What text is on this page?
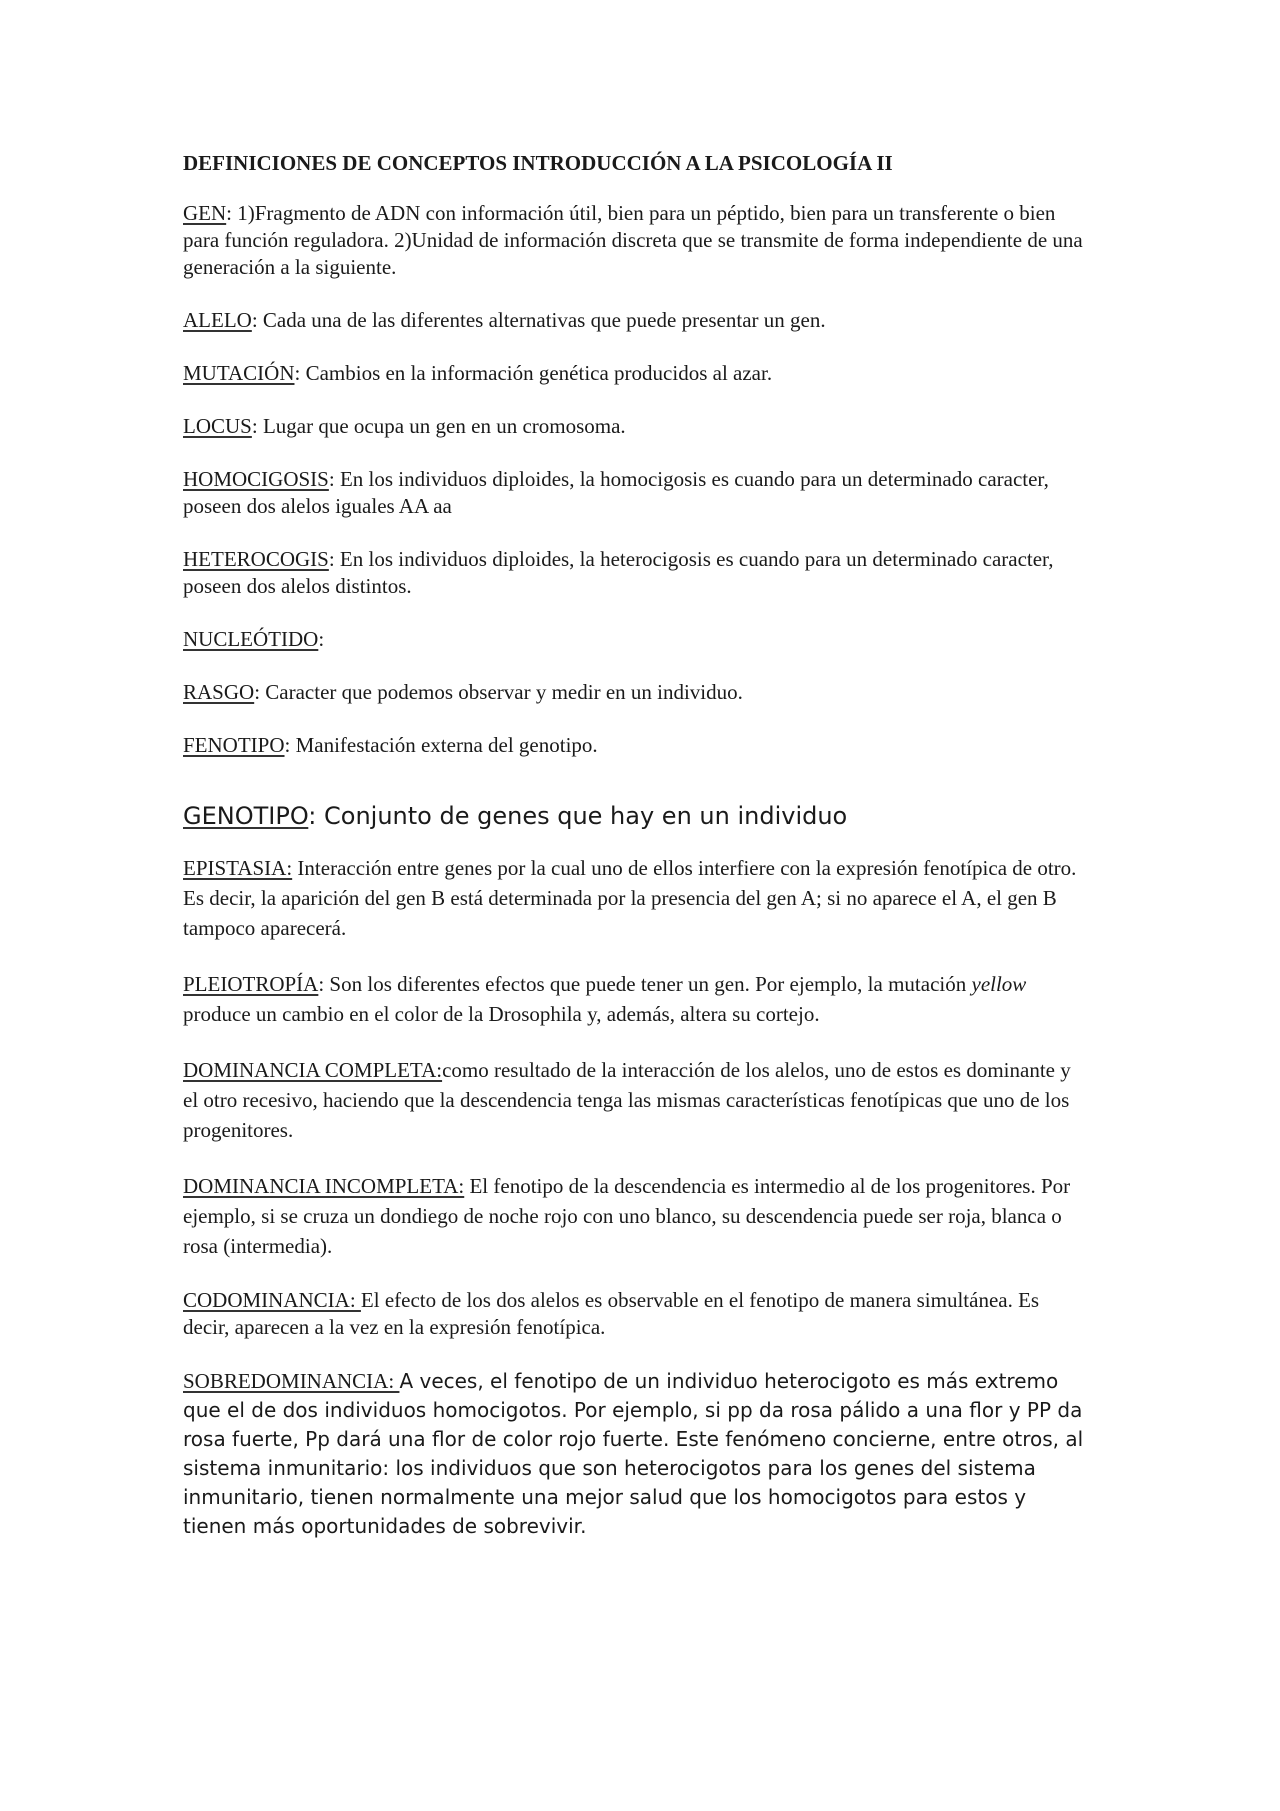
DEFINICIONES DE CONCEPTOS INTRODUCCIÓN A LA PSICOLOGÍA II
GEN: 1)Fragmento de ADN con información útil, bien para un péptido, bien para un transferente o bien para función reguladora. 2)Unidad de información discreta que se transmite de forma independiente de una generación a la siguiente.
ALELO: Cada una de las diferentes alternativas que puede presentar un gen.
MUTACIÓN: Cambios en la información genética producidos al azar.
LOCUS: Lugar que ocupa un gen en un cromosoma.
HOMOCIGOSIS: En los individuos diploides, la homocigosis es cuando para un determinado caracter, poseen dos alelos iguales AA aa
HETEROCOGIS: En los individuos diploides, la heterocigosis es cuando para un determinado caracter, poseen dos alelos distintos.
NUCLEÓTIDO:
RASGO: Caracter que podemos observar y medir en un individuo.
FENOTIPO: Manifestación externa del genotipo.
GENOTIPO: Conjunto de genes que hay en un individuo
EPISTASIA: Interacción entre genes por la cual uno de ellos interfiere con la expresión fenotípica de otro. Es decir, la aparición del gen B está determinada por la presencia del gen A; si no aparece el A, el gen B tampoco aparecerá.
PLEIOTROPÍA: Son los diferentes efectos que puede tener un gen. Por ejemplo, la mutación yellow produce un cambio en el color de la Drosophila y, además, altera su cortejo.
DOMINANCIA COMPLETA:como resultado de la interacción de los alelos, uno de estos es dominante y el otro recesivo, haciendo que la descendencia tenga las mismas características fenotípicas que uno de los progenitores.
DOMINANCIA INCOMPLETA: El fenotipo de la descendencia es intermedio al de los progenitores. Por ejemplo, si se cruza un dondiego de noche rojo con uno blanco, su descendencia puede ser roja, blanca o rosa (intermedia).
CODOMINANCIA: El efecto de los dos alelos es observable en el fenotipo de manera simultánea. Es decir, aparecen a la vez en la expresión fenotípica.
SOBREDOMINANCIA: A veces, el fenotipo de un individuo heterocigoto es más extremo que el de dos individuos homocigotos. Por ejemplo, si pp da rosa pálido a una flor y PP da rosa fuerte, Pp dará una flor de color rojo fuerte. Este fenómeno concierne, entre otros, al sistema inmunitario: los individuos que son heterocigotos para los genes del sistema inmunitario, tienen normalmente una mejor salud que los homocigotos para estos y tienen más oportunidades de sobrevivir.
